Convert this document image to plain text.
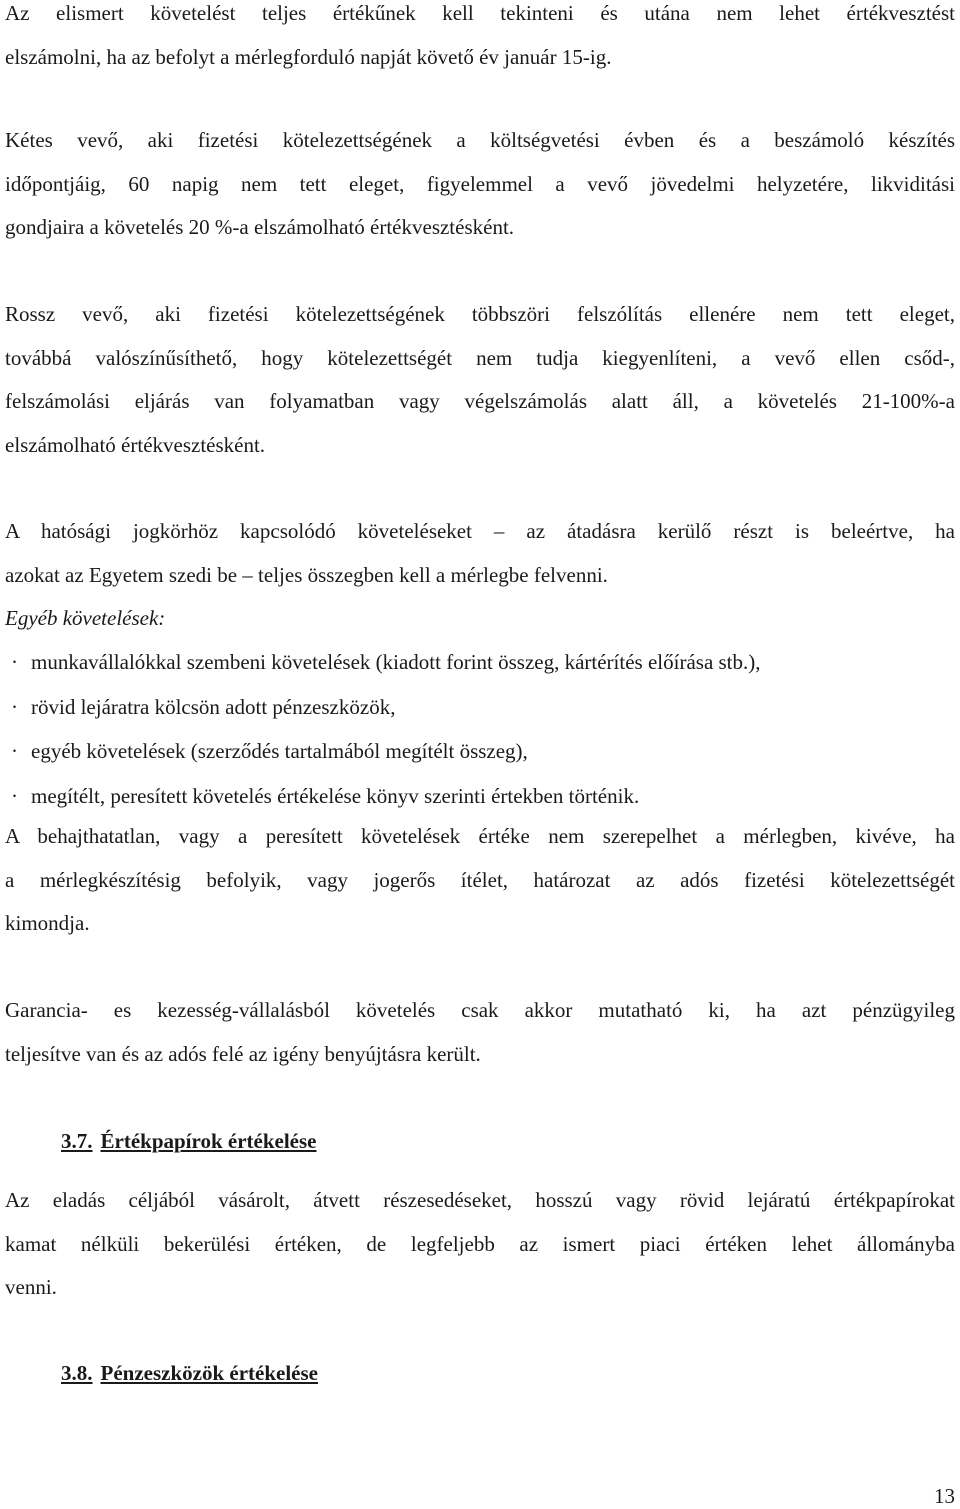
Az elismert követelést teljes értékűnek kell tekinteni és utána nem lehet értékvesztést
elszámolni, ha az befolyt a mérlegforduló napját követő év január 15-ig.

Kétes vevő, aki fizetési kötelezettségének a költségvetési évben és a beszámoló készítés
időpontjáig, 60 napig nem tett eleget, figyelemmel a vevő jövedelmi helyzetére, likviditási
gondjaira a követelés 20 %-a elszámolható értékvesztésként.

Rossz vevő, aki fizetési kötelezettségének többszöri felszólítás ellenére nem tett eleget,
továbbá valószínűsíthető, hogy kötelezettségét nem tudja kiegyenlíteni, a vevő ellen csőd-,
felszámolási eljárás van folyamatban vagy végelszámolás alatt áll, a követelés 21-100%-a
elszámolható értékvesztésként.

A hatósági jogkörhöz kapcsolódó követeléseket – az átadásra kerülő részt is beleértve, ha
azokat az Egyetem szedi be – teljes összegben kell a mérlegbe felvenni.

Egyéb követelések:

· munkavállalókkal szembeni követelések (kiadott forint összeg, kártérítés előírása stb.),
· rövid lejáratra kölcsön adott pénzeszközök,
· egyéb követelések (szerződés tartalmából megítélt összeg),
· megítélt, peresített követelés értékelése könyv szerinti értekben történik.

A behajthatatlan, vagy a peresített követelések értéke nem szerepelhet a mérlegben, kivéve, ha
a mérlegkészítésig befolyik, vagy jogerős ítélet, határozat az adós fizetési kötelezettségét
kimondja.

Garancia- es kezesség-vállalásból követelés csak akkor mutatható ki, ha azt pénzügyileg
teljesítve van és az adós felé az igény benyújtásra került.

3.7. Értékpapírok értékelése

Az eladás céljából vásárolt, átvett részesedéseket, hosszú vagy rövid lejáratú értékpapírokat
kamat nélküli bekerülési értéken, de legfeljebb az ismert piaci értéken lehet állományba
venni.

3.8. Pénzeszközök értékelése
13
